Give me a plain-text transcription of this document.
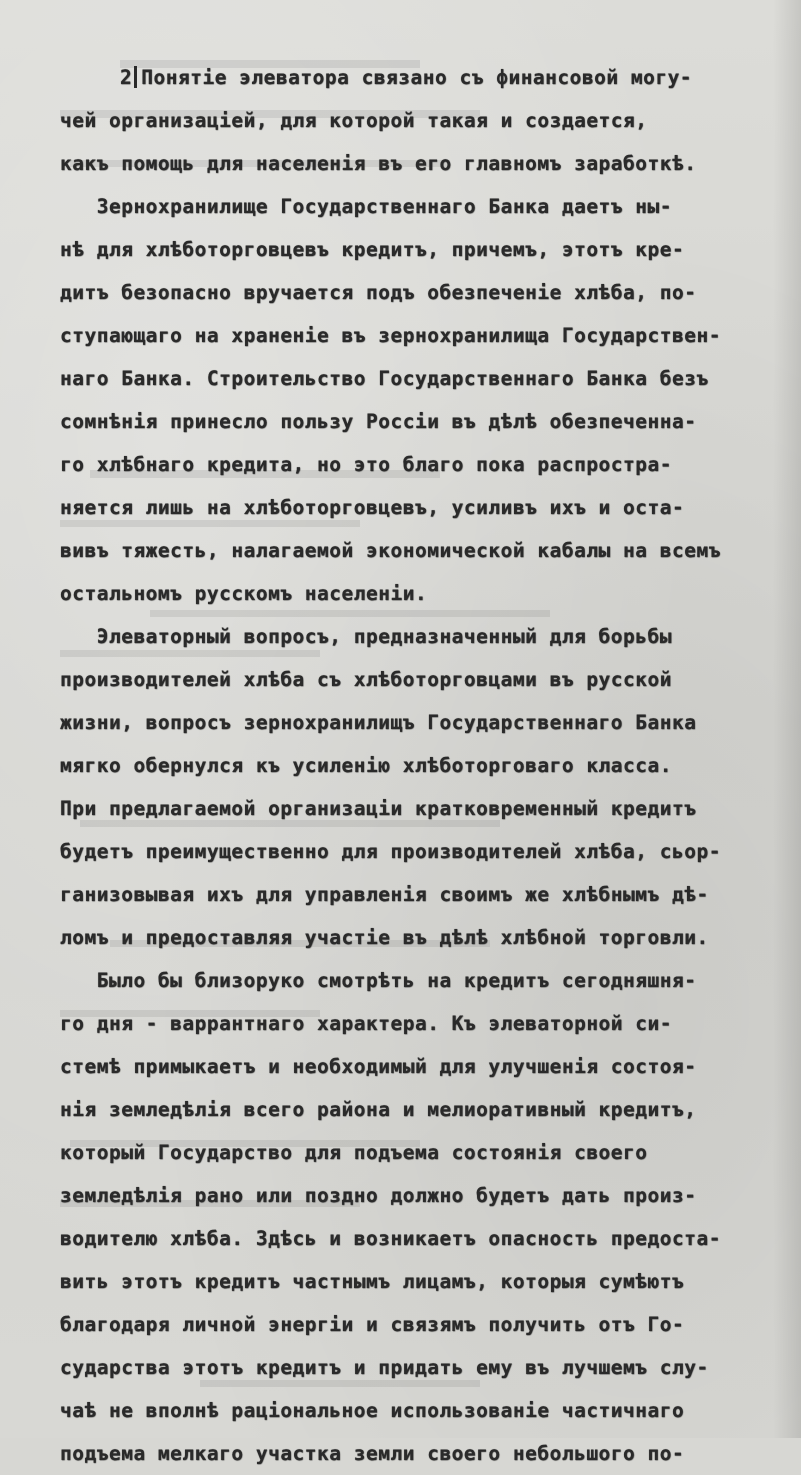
2 Понятіе элеватора связано съ финансовой могу-
чей организаціей, для которой такая и создается,
какъ помощь для населенія въ его главномъ заработкѣ.
Зернохранилище Государственнаго Банка даетъ ны-
нѣ для хлѣботорговцевъ кредитъ, причемъ, этотъ кре-
дитъ безопасно вручается подъ обезпеченіе хлѣба, по-
ступающаго на храненіе въ зернохранилища Государствен-
наго Банка. Строительство Государственнаго Банка безъ
сомнѣнія принесло пользу Россіи въ дѣлѣ обезпеченна-
го хлѣбнаго кредита, но это благо пока распростра-
няется лишь на хлѣботорговцевъ, усиливъ ихъ и оста-
вивъ тяжесть, налагаемой экономической кабалы на всемъ
остальномъ русскомъ населеніи.
Элеваторный вопросъ, предназначенный для борьбы
производителей хлѣба съ хлѣботорговцами въ русской
жизни, вопросъ зернохранилищъ Государственнаго Банка
мягко обернулся къ усиленію хлѣботорговаго класса.
При предлагаемой организаціи кратковременный кредитъ
будетъ преимущественно для производителей хлѣба, сьор-
ганизовывая ихъ для управленія своимъ же хлѣбнымъ дѣ-
ломъ и предоставляя участіе въ дѣлѣ хлѣбной торговли.
Было бы близоруко смотрѣть на кредитъ сегодняшня-
го дня - варрантнаго характера. Къ элеваторной си-
стемѣ примыкаетъ и необходимый для улучшенія состоя-
нія земледѣлія всего района и мелиоративный кредитъ,
который Государство для подъема состоянія своего
земледѣлія рано или поздно должно будетъ дать произ-
водителю хлѣба. Здѣсь и возникаетъ опасность предоста-
вить этотъ кредитъ частнымъ лицамъ, которыя сумѣютъ
благодаря личной энергіи и связямъ получить отъ Го-
сударства этотъ кредитъ и придать ему въ лучшемъ слу-
чаѣ не вполнѣ раціональное использованіе частичнаго
подъема мелкаго участка земли своего небольшого по-
